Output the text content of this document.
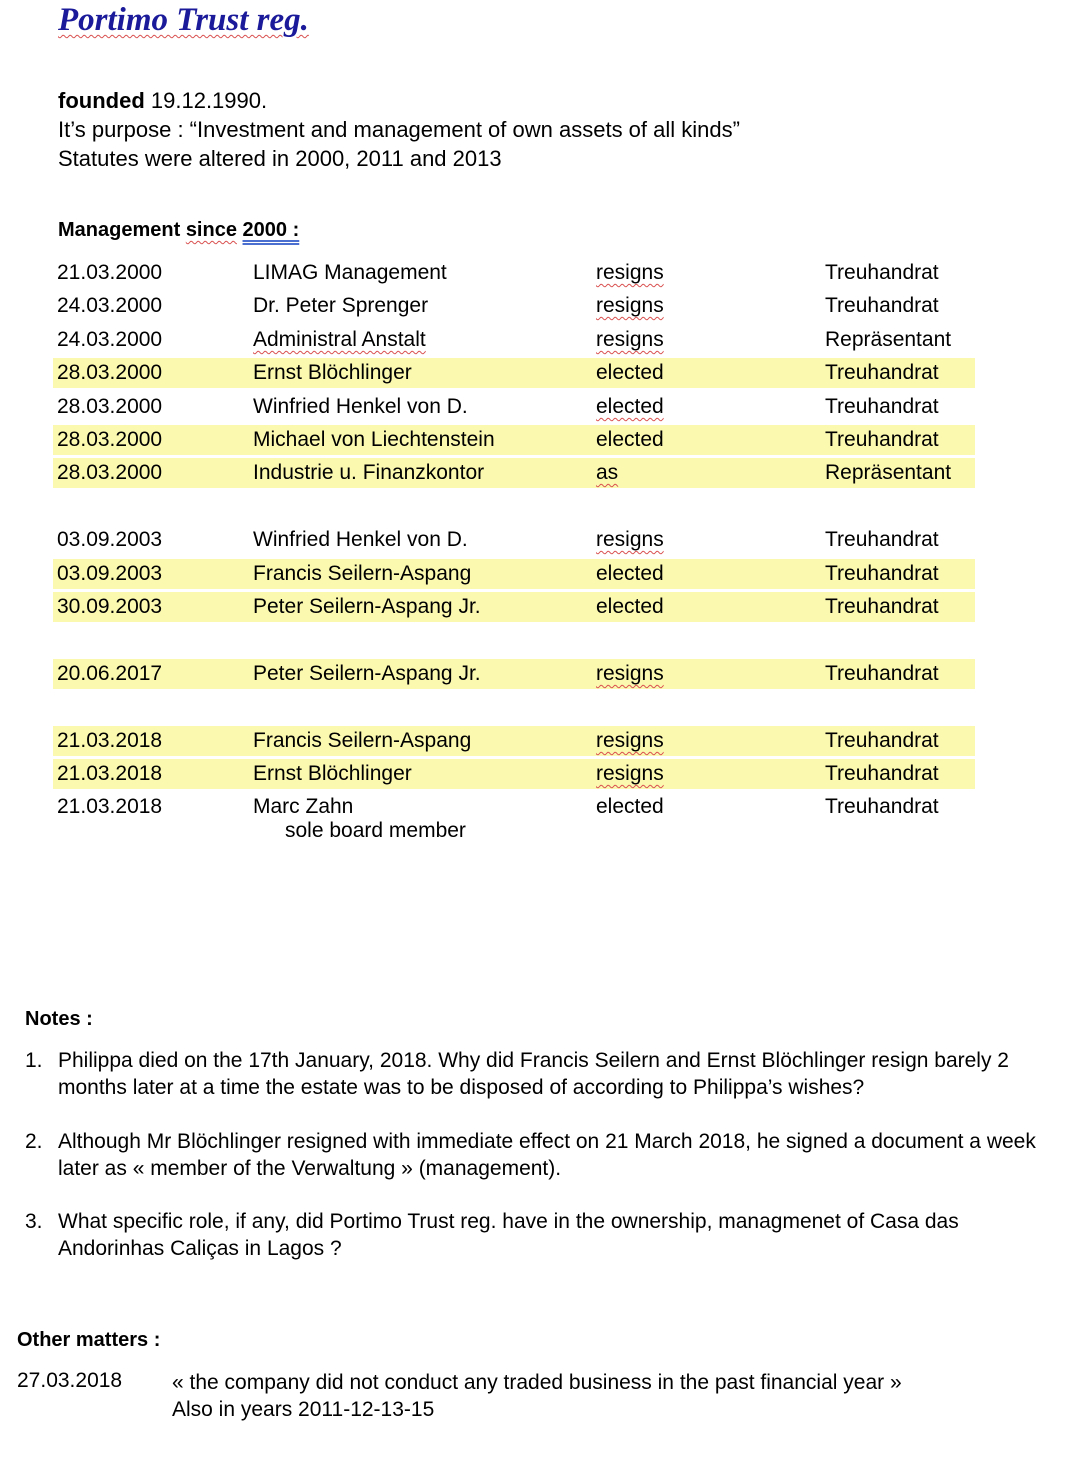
Portimo Trust reg.
founded 19.12.1990.
It’s purpose : “Investment and management of own assets of all kinds”
Statutes were altered in 2000, 2011 and 2013
Management since 2000 :
21.03.2000	LIMAG Management	resigns	Treuhandrat
24.03.2000	Dr. Peter Sprenger	resigns	Treuhandrat
24.03.2000	Administral Anstalt	resigns	Repräsentant
28.03.2000	Ernst Blöchlinger	elected	Treuhandrat
28.03.2000	Winfried Henkel von D.	elected	Treuhandrat
28.03.2000	Michael von Liechtenstein	elected	Treuhandrat
28.03.2000	Industrie u. Finanzkontor	as	Repräsentant
03.09.2003	Winfried Henkel von D.	resigns	Treuhandrat
03.09.2003	Francis Seilern-Aspang	elected	Treuhandrat
30.09.2003	Peter Seilern-Aspang Jr.	elected	Treuhandrat
20.06.2017	Peter Seilern-Aspang Jr.	resigns	Treuhandrat
21.03.2018	Francis Seilern-Aspang	resigns	Treuhandrat
21.03.2018	Ernst Blöchlinger	resigns	Treuhandrat
21.03.2018	Marc Zahn	elected	Treuhandrat
sole board member
Notes :
1. Philippa died on the 17th January, 2018. Why did Francis Seilern and Ernst Blöchlinger resign barely 2 months later at a time the estate was to be disposed of according to Philippa’s wishes?
2. Although Mr Blöchlinger resigned with immediate effect on 21 March 2018, he signed a document a week later as « member of the Verwaltung » (management).
3. What specific role, if any, did Portimo Trust reg. have in the ownership, managmenet of Casa das Andorinhas Caliças in Lagos ?
Other matters :
27.03.2018 « the company did not conduct any traded business in the past financial year »
Also in years 2011-12-13-15
